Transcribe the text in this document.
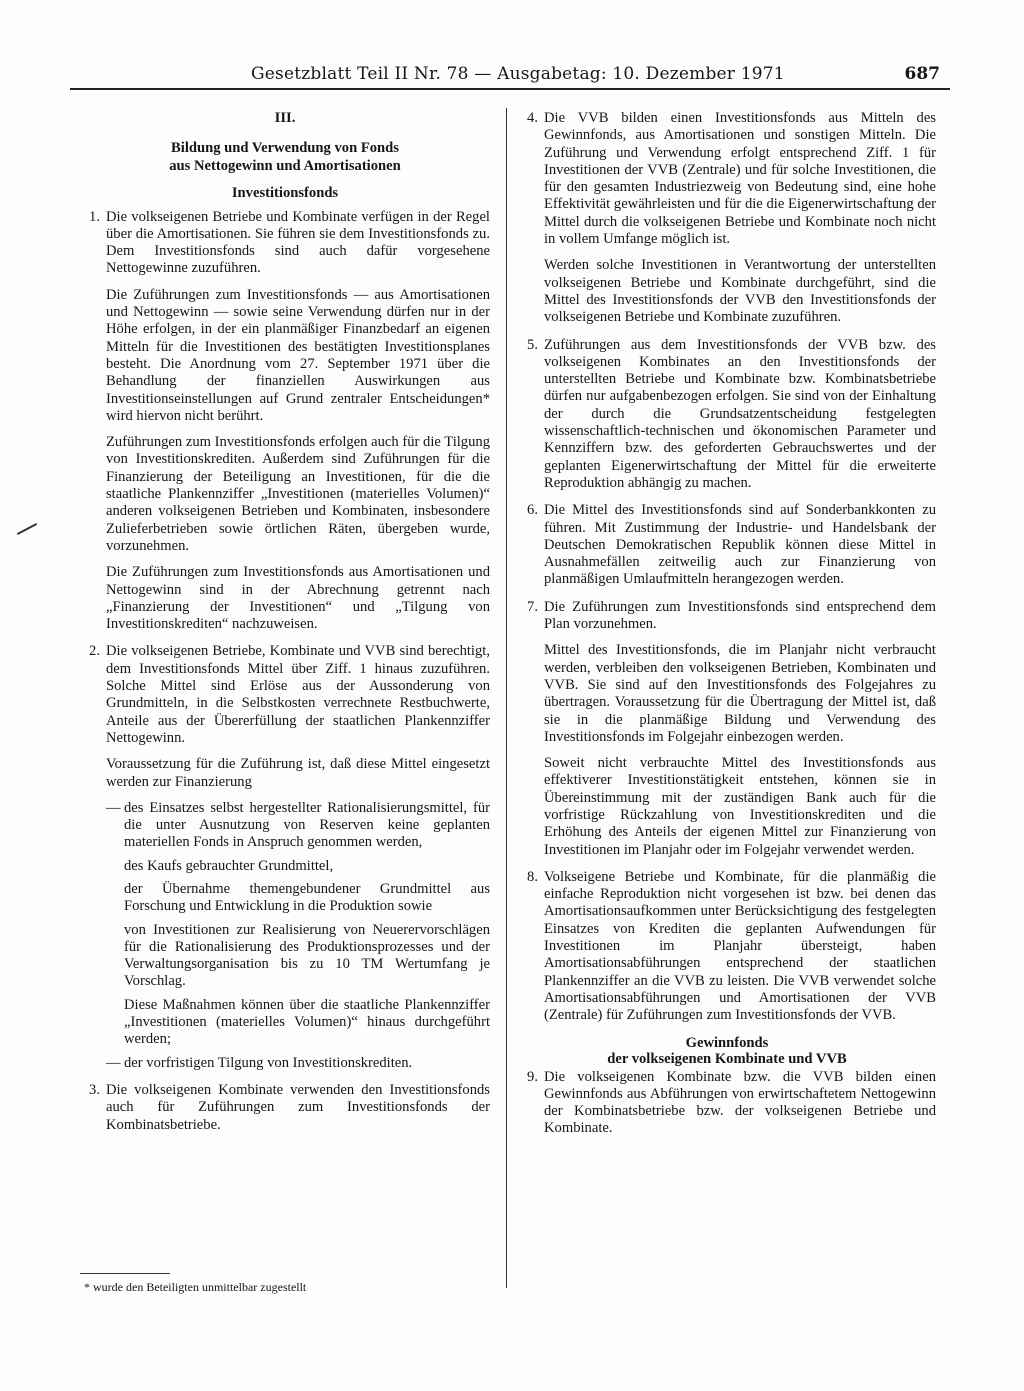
Gesetzblatt Teil II Nr. 78 — Ausgabetag: 10. Dezember 1971	687
III.
Bildung und Verwendung von Fonds
aus Nettogewinn und Amortisationen
Investitionsfonds
1. Die volkseigenen Betriebe und Kombinate verfügen in der Regel über die Amortisationen. Sie führen sie dem Investitionsfonds zu. Dem Investitionsfonds sind auch dafür vorgesehene Nettogewinne zuzuführen.

Die Zuführungen zum Investitionsfonds — aus Amortisationen und Nettogewinn — sowie seine Verwendung dürfen nur in der Höhe erfolgen, in der ein planmäßiger Finanzbedarf an eigenen Mitteln für die Investitionen des bestätigten Investitionsplanes besteht. Die Anordnung vom 27. September 1971 über die Behandlung der finanziellen Auswirkungen aus Investitionseinstellungen auf Grund zentraler Entscheidungen* wird hiervon nicht berührt.

Zuführungen zum Investitionsfonds erfolgen auch für die Tilgung von Investitionskrediten. Außerdem sind Zuführungen für die Finanzierung der Beteiligung an Investitionen, für die die staatliche Plankennziffer „Investitionen (materielles Volumen)“ anderen volkseigenen Betrieben und Kombinaten, insbesondere Zulieferbetrieben sowie örtlichen Räten, übergeben wurde, vorzunehmen.

Die Zuführungen zum Investitionsfonds aus Amortisationen und Nettogewinn sind in der Abrechnung getrennt nach „Finanzierung der Investitionen“ und „Tilgung von Investitionskrediten“ nachzuweisen.

2. Die volkseigenen Betriebe, Kombinate und VVB sind berechtigt, dem Investitionsfonds Mittel über Ziff. 1 hinaus zuzuführen. Solche Mittel sind Erlöse aus der Aussonderung von Grundmitteln, in die Selbstkosten verrechnete Restbuchwerte, Anteile aus der Übererfüllung der staatlichen Plankennziffer Nettogewinn.

Voraussetzung für die Zuführung ist, daß diese Mittel eingesetzt werden zur Finanzierung

— des Einsatzes selbst hergestellter Rationalisierungsmittel, für die unter Ausnutzung von Reserven keine geplanten materiellen Fonds in Anspruch genommen werden,

des Kaufs gebrauchter Grundmittel,

der Übernahme themengebundener Grundmittel aus Forschung und Entwicklung in die Produktion sowie

von Investitionen zur Realisierung von Neuerervorschlägen für die Rationalisierung des Produktionsprozesses und der Verwaltungsorganisation bis zu 10 TM Wertumfang je Vorschlag.

Diese Maßnahmen können über die staatliche Plankennziffer „Investitionen (materielles Volumen)“ hinaus durchgeführt werden;

— der vorfristigen Tilgung von Investitionskrediten.

3. Die volkseigenen Kombinate verwenden den Investitionsfonds auch für Zuführungen zum Investitionsfonds der Kombinatsbetriebe.

4. Die VVB bilden einen Investitionsfonds aus Mitteln des Gewinnfonds, aus Amortisationen und sonstigen Mitteln. Die Zuführung und Verwendung erfolgt entsprechend Ziff. 1 für Investitionen der VVB (Zentrale) und für solche Investitionen, die für den gesamten Industriezweig von Bedeutung sind, eine hohe Effektivität gewährleisten und für die die Eigenerwirtschaftung der Mittel durch die volkseigenen Betriebe und Kombinate noch nicht in vollem Umfange möglich ist.

Werden solche Investitionen in Verantwortung der unterstellten volkseigenen Betriebe und Kombinate durchgeführt, sind die Mittel des Investitionsfonds der VVB den Investitionsfonds der volkseigenen Betriebe und Kombinate zuzuführen.

5. Zuführungen aus dem Investitionsfonds der VVB bzw. des volkseigenen Kombinates an den Investitionsfonds der unterstellten Betriebe und Kombinate bzw. Kombinatsbetriebe dürfen nur aufgabenbezogen erfolgen. Sie sind von der Einhaltung der durch die Grundsatzentscheidung festgelegten wissenschaftlich-technischen und ökonomischen Parameter und Kennziffern bzw. des geforderten Gebrauchswertes und der geplanten Eigenerwirtschaftung der Mittel für die erweiterte Reproduktion abhängig zu machen.

6. Die Mittel des Investitionsfonds sind auf Sonderbankkonten zu führen. Mit Zustimmung der Industrie- und Handelsbank der Deutschen Demokratischen Republik können diese Mittel in Ausnahmefällen zeitweilig auch zur Finanzierung von planmäßigen Umlaufmitteln herangezogen werden.

7. Die Zuführungen zum Investitionsfonds sind entsprechend dem Plan vorzunehmen.

Mittel des Investitionsfonds, die im Planjahr nicht verbraucht werden, verbleiben den volkseigenen Betrieben, Kombinaten und VVB. Sie sind auf den Investitionsfonds des Folgejahres zu übertragen. Voraussetzung für die Übertragung der Mittel ist, daß sie in die planmäßige Bildung und Verwendung des Investitionsfonds im Folgejahr einbezogen werden.

Soweit nicht verbrauchte Mittel des Investitionsfonds aus effektiverer Investitionstätigkeit entstehen, können sie in Übereinstimmung mit der zuständigen Bank auch für die vorfristige Rückzahlung von Investitionskrediten und die Erhöhung des Anteils der eigenen Mittel zur Finanzierung von Investitionen im Planjahr oder im Folgejahr verwendet werden.

8. Volkseigene Betriebe und Kombinate, für die planmäßig die einfache Reproduktion nicht vorgesehen ist bzw. bei denen das Amortisationsaufkommen unter Berücksichtigung des festgelegten Einsatzes von Krediten die geplanten Aufwendungen für Investitionen im Planjahr übersteigt, haben Amortisationsabführungen entsprechend der staatlichen Plankennziffer an die VVB zu leisten. Die VVB verwendet solche Amortisationsabführungen und Amortisationen der VVB (Zentrale) für Zuführungen zum Investitionsfonds der VVB.

Gewinnfonds
der volkseigenen Kombinate und VVB
9. Die volkseigenen Kombinate bzw. die VVB bilden einen Gewinnfonds aus Abführungen von erwirtschaftetem Nettogewinn der Kombinatsbetriebe bzw. der volkseigenen Betriebe und Kombinate.

* wurde den Beteiligten unmittelbar zugestellt
